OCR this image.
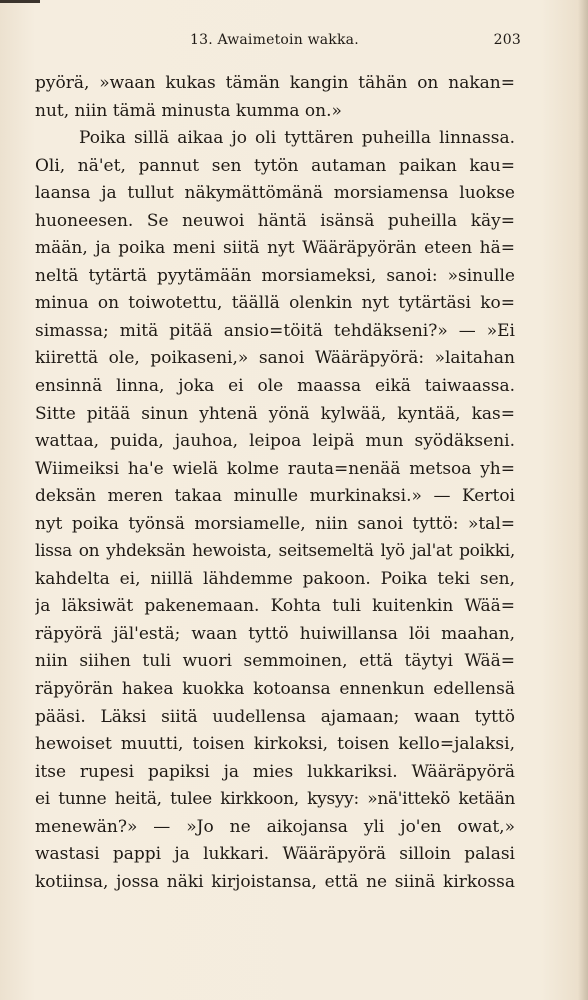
13. Awaimetoin wakka.	203
pyörä, »waan kukas tämän kangin tähän on nakan=
nut, niin tämä minusta kumma on.»
Poika sillä aikaa jo oli tyttären puheilla linnassa.
Oli, nä'et, pannut sen tytön autaman paikan kau=
laansa ja tullut näkymättömänä morsiamensa luokse
huoneesen. Se neuwoi häntä isänsä puheilla käy=
mään, ja poika meni siitä nyt Wääräpyörän eteen hä=
neltä tytärtä pyytämään morsiameksi, sanoi: »sinulle
minua on toiwotettu, täällä olenkin nyt tytärtäsi ko=
simassa; mitä pitää ansio=töitä tehdäkseni?» — »Ei
kiirettä ole, poikaseni,» sanoi Wääräpyörä: »laitahan
ensinnä linna, joka ei ole maassa eikä taiwaassa.
Sitte pitää sinun yhtenä yönä kylwää, kyntää, kas=
wattaa, puida, jauhoa, leipoa leipä mun syödäkseni.
Wiimeiksi ha'e wielä kolme rauta=nenää metsoa yh=
deksän meren takaa minulle murkinaksi.» — Kertoi
nyt poika työnsä morsiamelle, niin sanoi tyttö: »tal=
lissa on yhdeksän hewoista, seitsemeltä lyö jal'at poikki,
kahdelta ei, niillä lähdemme pakoon. Poika teki sen,
ja läksiwät pakenemaan. Kohta tuli kuitenkin Wää=
räpyörä jäl'estä; waan tyttö huiwillansa löi maahan,
niin siihen tuli wuori semmoinen, että täytyi Wää=
räpyörän hakea kuokka kotoansa ennenkun edellensä
pääsi. Läksi siitä uudellensa ajamaan; waan tyttö
hewoiset muutti, toisen kirkoksi, toisen kello=jalaksi,
itse rupesi papiksi ja mies lukkariksi. Wääräpyörä
ei tunne heitä, tulee kirkkoon, kysyy: »nä'ittekö ketään
menewän?» — »Jo ne aikojansa yli jo'en owat,»
wastasi pappi ja lukkari. Wääräpyörä silloin palasi
kotiinsa, jossa näki kirjoistansa, että ne siinä kirkossa
